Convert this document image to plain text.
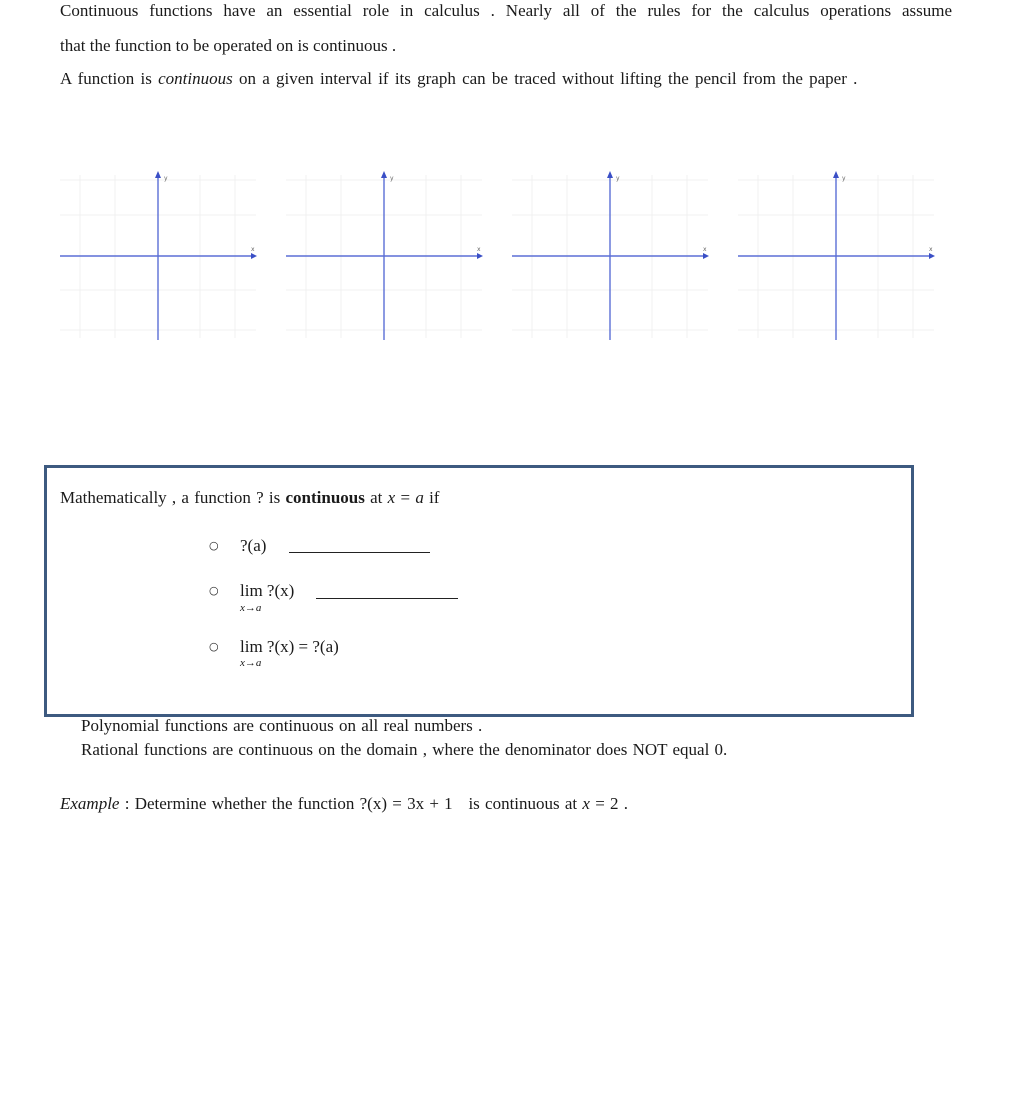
Continuous functions have an essential role in calculus . Nearly all of the rules for the calculus operations assume
that the function to be operated on is continuous .
A function is continuous on a given interval if its graph can be traced without lifting the pencil from the paper .
y
x
y
x
y
x
y
x
Mathematically , a function ? is continuous at x = a if
○ ?(a)
○ lim ?(x)
x→a
○ lim ?(x) = ?(a)
x→a
Polynomial functions are continuous on all real numbers .
Rational functions are continuous on the domain , where the denominator does NOT equal 0.
Example : Determine whether the function ?(x) = 3x + 1   is continuous at x = 2 .
